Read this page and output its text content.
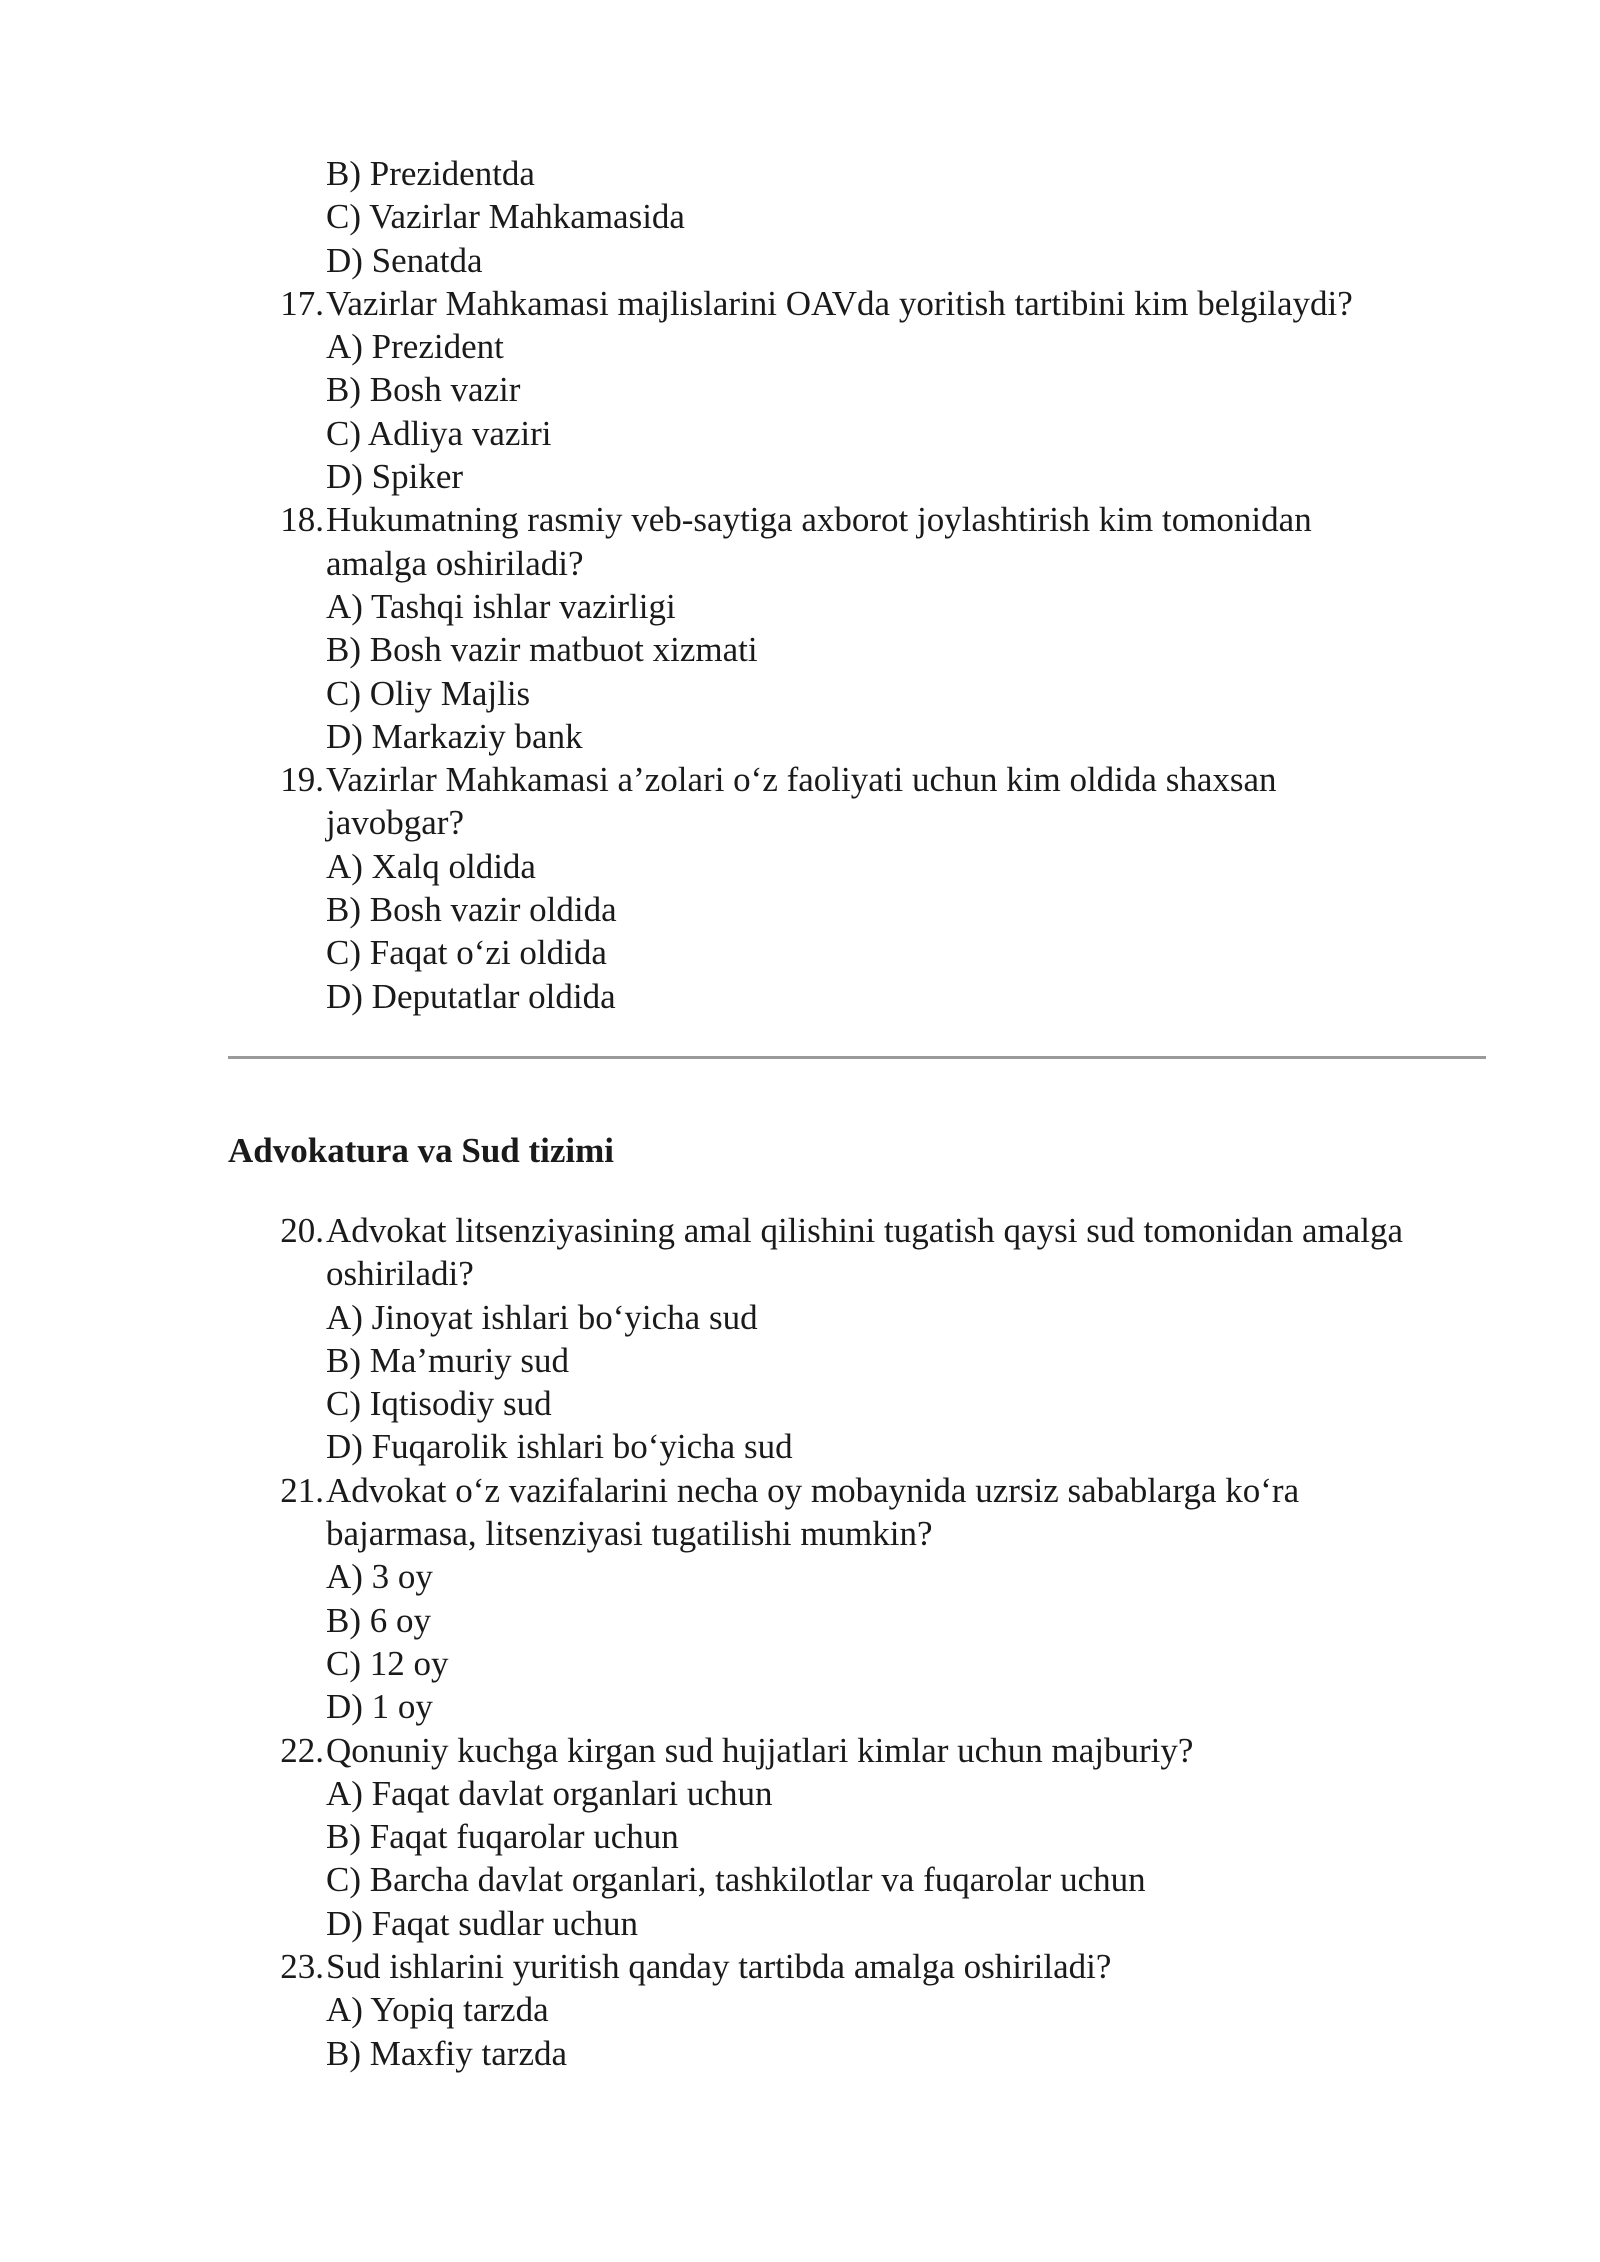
B) Prezidentda
C) Vazirlar Mahkamasida
D) Senatda
17. Vazirlar Mahkamasi majlislarini OAVda yoritish tartibini kim belgilaydi?
A) Prezident
B) Bosh vazir
C) Adliya vaziri
D) Spiker
18. Hukumatning rasmiy veb-saytiga axborot joylashtirish kim tomonidan
amalga oshiriladi?
A) Tashqi ishlar vazirligi
B) Bosh vazir matbuot xizmati
C) Oliy Majlis
D) Markaziy bank
19. Vazirlar Mahkamasi a’zolari o‘z faoliyati uchun kim oldida shaxsan
javobgar?
A) Xalq oldida
B) Bosh vazir oldida
C) Faqat o‘zi oldida
D) Deputatlar oldida
Advokatura va Sud tizimi
20. Advokat litsenziyasining amal qilishini tugatish qaysi sud tomonidan amalga
oshiriladi?
A) Jinoyat ishlari bo‘yicha sud
B) Ma’muriy sud
C) Iqtisodiy sud
D) Fuqarolik ishlari bo‘yicha sud
21. Advokat o‘z vazifalarini necha oy mobaynida uzrsiz sabablarga ko‘ra
bajarmasa, litsenziyasi tugatilishi mumkin?
A) 3 oy
B) 6 oy
C) 12 oy
D) 1 oy
22. Qonuniy kuchga kirgan sud hujjatlari kimlar uchun majburiy?
A) Faqat davlat organlari uchun
B) Faqat fuqarolar uchun
C) Barcha davlat organlari, tashkilotlar va fuqarolar uchun
D) Faqat sudlar uchun
23. Sud ishlarini yuritish qanday tartibda amalga oshiriladi?
A) Yopiq tarzda
B) Maxfiy tarzda
